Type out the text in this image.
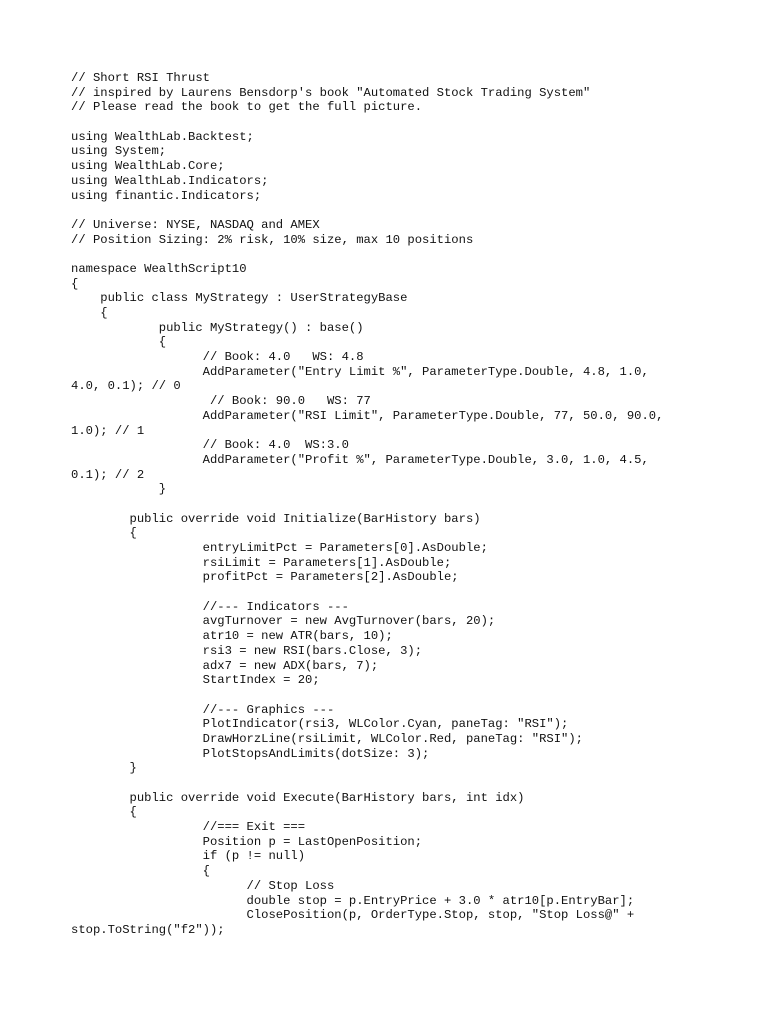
// Short RSI Thrust
// inspired by Laurens Bensdorp's book "Automated Stock Trading System"
// Please read the book to get the full picture.
using WealthLab.Backtest;
using System;
using WealthLab.Core;
using WealthLab.Indicators;
using finantic.Indicators;
// Universe: NYSE, NASDAQ and AMEX
// Position Sizing: 2% risk, 10% size, max 10 positions
namespace WealthScript10
{
public class MyStrategy : UserStrategyBase
{
public MyStrategy() : base()
{
// Book: 4.0   WS: 4.8
AddParameter("Entry Limit %", ParameterType.Double, 4.8, 1.0,
4.0, 0.1); // 0
// Book: 90.0   WS: 77
AddParameter("RSI Limit", ParameterType.Double, 77, 50.0, 90.0,
1.0); // 1
// Book: 4.0  WS:3.0
AddParameter("Profit %", ParameterType.Double, 3.0, 1.0, 4.5,
0.1); // 2
}
public override void Initialize(BarHistory bars)
{
entryLimitPct = Parameters[0].AsDouble;
rsiLimit = Parameters[1].AsDouble;
profitPct = Parameters[2].AsDouble;
//--- Indicators ---
avgTurnover = new AvgTurnover(bars, 20);
atr10 = new ATR(bars, 10);
rsi3 = new RSI(bars.Close, 3);
adx7 = new ADX(bars, 7);
StartIndex = 20;
//--- Graphics ---
PlotIndicator(rsi3, WLColor.Cyan, paneTag: "RSI");
DrawHorzLine(rsiLimit, WLColor.Red, paneTag: "RSI");
PlotStopsAndLimits(dotSize: 3);
}
public override void Execute(BarHistory bars, int idx)
{
//=== Exit ===
Position p = LastOpenPosition;
if (p != null)
{
// Stop Loss
double stop = p.EntryPrice + 3.0 * atr10[p.EntryBar];
ClosePosition(p, OrderType.Stop, stop, "Stop Loss@" +
stop.ToString("f2"));
